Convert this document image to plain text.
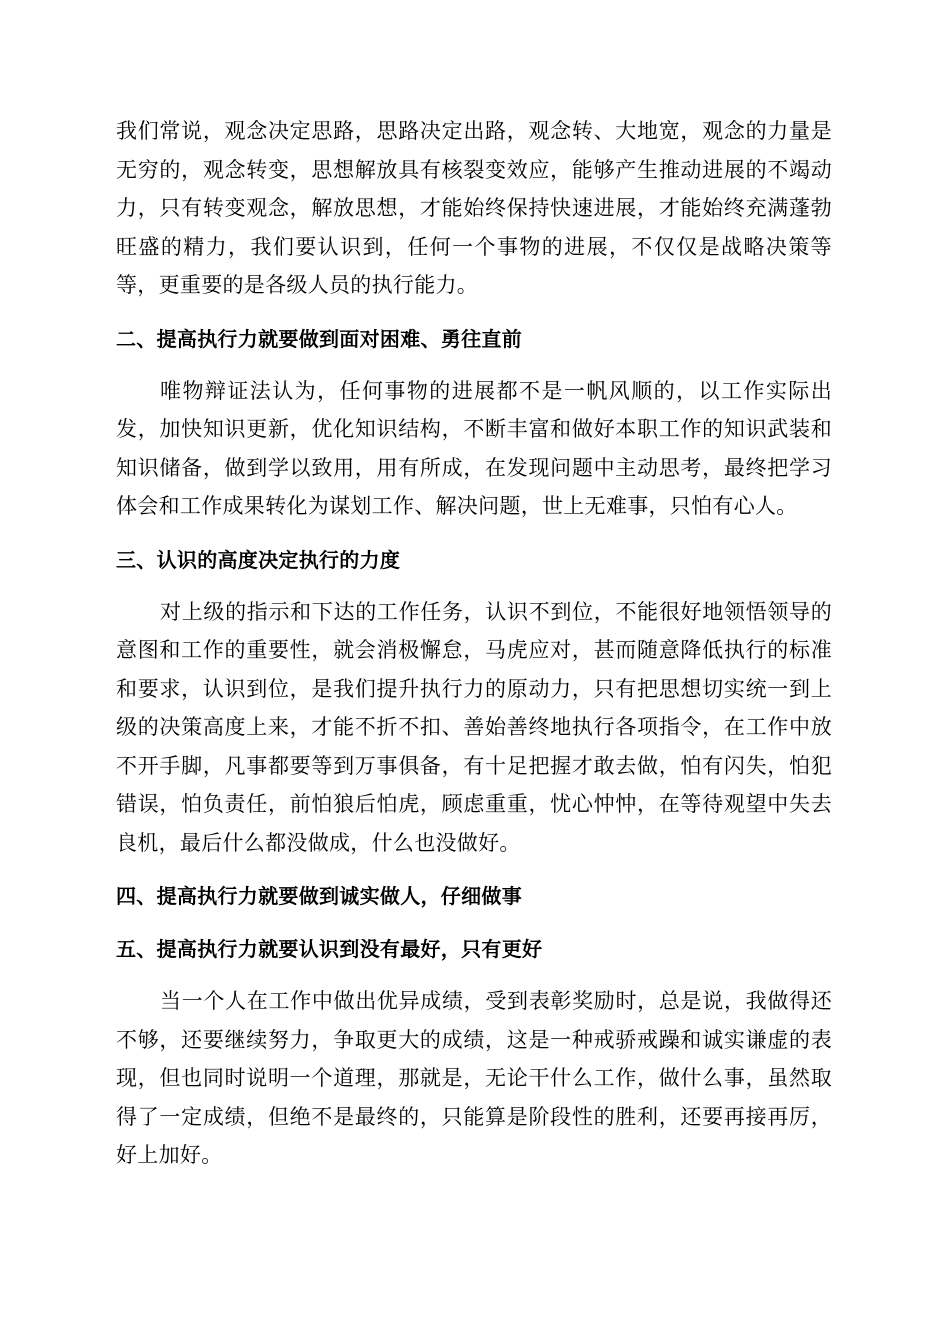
我们常说，观念决定思路，思路决定出路，观念转、大地宽，观念的力量是无穷的，观念转变，思想解放具有核裂变效应，能够产生推动进展的不竭动力，只有转变观念，解放思想，才能始终保持快速进展，才能始终充满蓬勃旺盛的精力，我们要认识到，任何一个事物的进展，不仅仅是战略决策等等，更重要的是各级人员的执行能力。

二、提高执行力就要做到面对困难、勇往直前

唯物辩证法认为，任何事物的进展都不是一帆风顺的，以工作实际出发，加快知识更新，优化知识结构，不断丰富和做好本职工作的知识武装和知识储备，做到学以致用，用有所成，在发现问题中主动思考，最终把学习体会和工作成果转化为谋划工作、解决问题，世上无难事，只怕有心人。

三、认识的高度决定执行的力度

对上级的指示和下达的工作任务，认识不到位，不能很好地领悟领导的意图和工作的重要性，就会消极懈怠，马虎应对，甚而随意降低执行的标准和要求，认识到位，是我们提升执行力的原动力，只有把思想切实统一到上级的决策高度上来，才能不折不扣、善始善终地执行各项指令，在工作中放不开手脚，凡事都要等到万事俱备，有十足把握才敢去做，怕有闪失，怕犯错误，怕负责任，前怕狼后怕虎，顾虑重重，忧心忡忡，在等待观望中失去良机，最后什么都没做成，什么也没做好。

四、提高执行力就要做到诚实做人，仔细做事

五、提高执行力就要认识到没有最好，只有更好

当一个人在工作中做出优异成绩，受到表彰奖励时，总是说，我做得还不够，还要继续努力，争取更大的成绩，这是一种戒骄戒躁和诚实谦虚的表现，但也同时说明一个道理，那就是，无论干什么工作，做什么事，虽然取得了一定成绩，但绝不是最终的，只能算是阶段性的胜利，还要再接再厉，好上加好。
